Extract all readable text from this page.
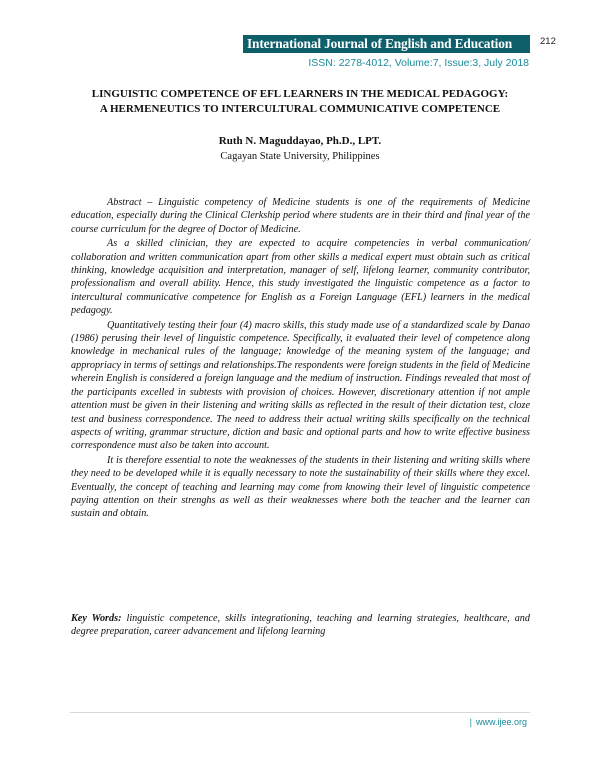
International Journal of English and Education	212
ISSN: 2278-4012, Volume:7, Issue:3, July 2018
LINGUISTIC COMPETENCE OF EFL LEARNERS IN THE MEDICAL PEDAGOGY:
A HERMENEUTICS TO INTERCULTURAL COMMUNICATIVE COMPETENCE
Ruth N. Maguddayao, Ph.D., LPT.
Cagayan State University, Philippines

Abstract – Linguistic competency of Medicine students is one of the requirements of Medicine education, especially during the Clinical Clerkship period where students are in their third and final year of the course curriculum for the degree of Doctor of Medicine.

As a skilled clinician, they are expected to acquire competencies in verbal communication/ collaboration and written communication apart from other skills a medical expert must obtain such as critical thinking, knowledge acquisition and interpretation, manager of self, lifelong learner, community contributor, professionalism and overall ability. Hence, this study investigated the linguistic competence as a factor to intercultural communicative competence for English as a Foreign Language (EFL) learners in the medical pedagogy.

Quantitatively testing their four (4) macro skills, this study made use of a standardized scale by Danao (1986) perusing their level of linguistic competence. Specifically, it evaluated their level of competence along knowledge in mechanical rules of the language; knowledge of the meaning system of the language; and appropriacy in terms of settings and relationships.The respondents were foreign students in the field of Medicine wherein English is considered a foreign language and the medium of instruction. Findings revealed that most of the participants excelled in subtests with provision of choices. However, discretionary attention if not ample attention must be given in their listening and writing skills as reflected in the result of their dictation test, cloze test and business correspondence. The need to address their actual writing skills specifically on the technical aspects of writing, grammar structure, diction and basic and optional parts and how to write effective business correspondence must also be taken into account.

It is therefore essential to note the weaknesses of the students in their listening and writing skills where they need to be developed while it is equally necessary to note the sustainability of their skills where they excel. Eventually, the concept of teaching and learning may come from knowing their level of linguistic competence paying attention on their strenghs as well as their weaknesses where both the teacher and the learner can sustain and obtain.

Key Words: linguistic competence, skills integrationing, teaching and learning strategies, healthcare, and degree preparation, career advancement and lifelong learning
| www.ijee.org
